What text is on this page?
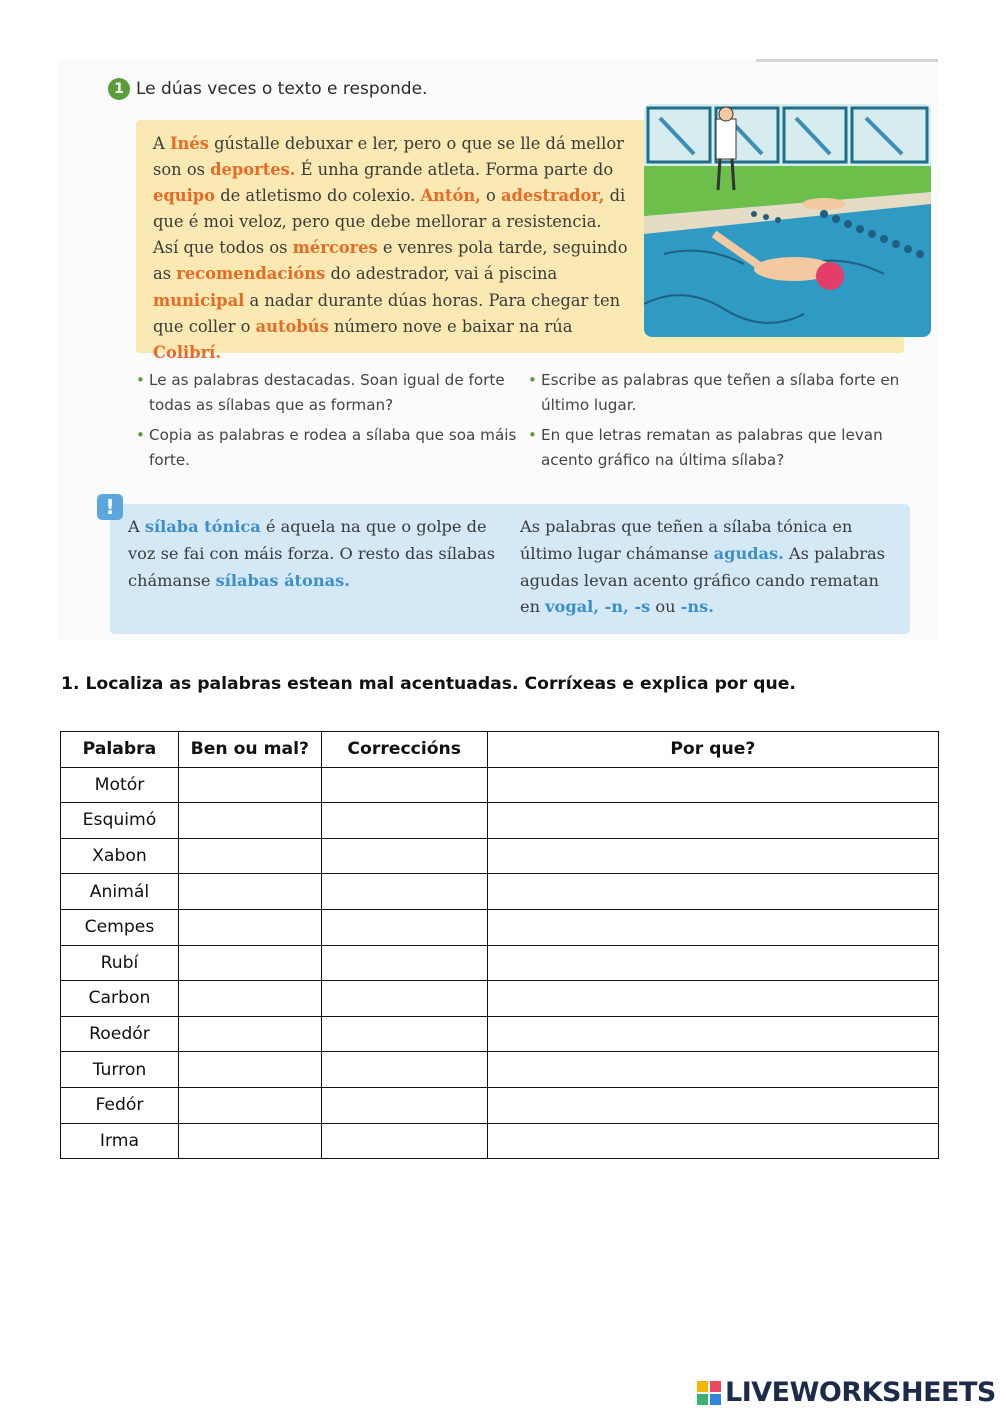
1 Le dúas veces o texto e responde.
A Inés gústalle debuxar e ler, pero o que se lle dá mellor son os deportes. É unha grande atleta. Forma parte do equipo de atletismo do colexio. Antón, o adestrador, di que é moi veloz, pero que debe mellorar a resistencia. Así que todos os mércores e venres pola tarde, seguindo as recomendacións do adestrador, vai á piscina municipal a nadar durante dúas horas. Para chegar ten que coller o autobús número nove e baixar na rúa Colibrí.
• Le as palabras destacadas. Soan igual de forte todas as sílabas que as forman?
• Escribe as palabras que teñen a sílaba forte en último lugar.
• Copia as palabras e rodea a sílaba que soa máis forte.
• En que letras rematan as palabras que levan acento gráfico na última sílaba?
!
A sílaba tónica é aquela na que o golpe de voz se fai con máis forza. O resto das sílabas chámanse sílabas átonas.
As palabras que teñen a sílaba tónica en último lugar chámanse agudas. As palabras agudas levan acento gráfico cando rematan en vogal, -n, -s ou -ns.
1. Localiza as palabras estean mal acentuadas. Corríxeas e explica por que.
Palabra	Ben ou mal?	Correccións	Por que?
Motór			
Esquimó			
Xabon			
Animál			
Cempes			
Rubí			
Carbon			
Roedór			
Turron			
Fedór			
Irma			
LIVEWORKSHEETS
